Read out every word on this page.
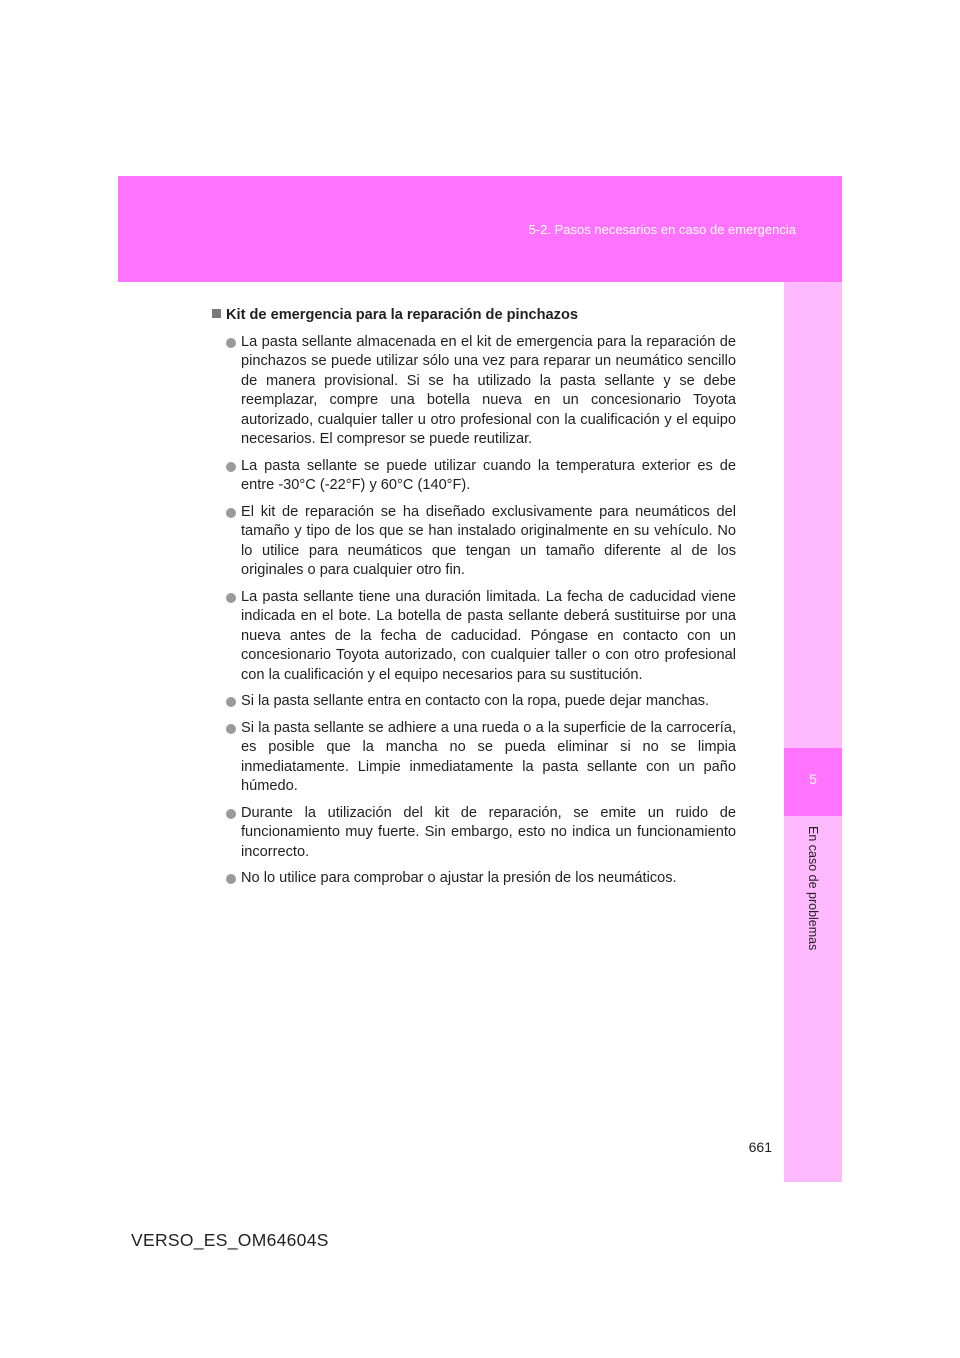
5-2. Pasos necesarios en caso de emergencia
5
En caso de problemas
Kit de emergencia para la reparación de pinchazos
La pasta sellante almacenada en el kit de emergencia para la reparación de pinchazos se puede utilizar sólo una vez para reparar un neumático sencillo de manera provisional. Si se ha utilizado la pasta sellante y se debe reemplazar, compre una botella nueva en un concesionario Toyota autorizado, cualquier taller u otro profesional con la cualificación y el equipo necesarios. El compresor se puede reutilizar.
La pasta sellante se puede utilizar cuando la temperatura exterior es de entre -30°C (-22°F) y 60°C (140°F).
El kit de reparación se ha diseñado exclusivamente para neumáticos del tamaño y tipo de los que se han instalado originalmente en su vehículo. No lo utilice para neumáticos que tengan un tamaño diferente al de los originales o para cualquier otro fin.
La pasta sellante tiene una duración limitada. La fecha de caducidad viene indicada en el bote. La botella de pasta sellante deberá sustituirse por una nueva antes de la fecha de caducidad. Póngase en contacto con un concesionario Toyota autorizado, con cualquier taller o con otro profesional con la cualificación y el equipo necesarios para su sustitución.
Si la pasta sellante entra en contacto con la ropa, puede dejar manchas.
Si la pasta sellante se adhiere a una rueda o a la superficie de la carrocería, es posible que la mancha no se pueda eliminar si no se limpia inmediatamente. Limpie inmediatamente la pasta sellante con un paño húmedo.
Durante la utilización del kit de reparación, se emite un ruido de funcionamiento muy fuerte. Sin embargo, esto no indica un funcionamiento incorrecto.
No lo utilice para comprobar o ajustar la presión de los neumáticos.
661
VERSO_ES_OM64604S
